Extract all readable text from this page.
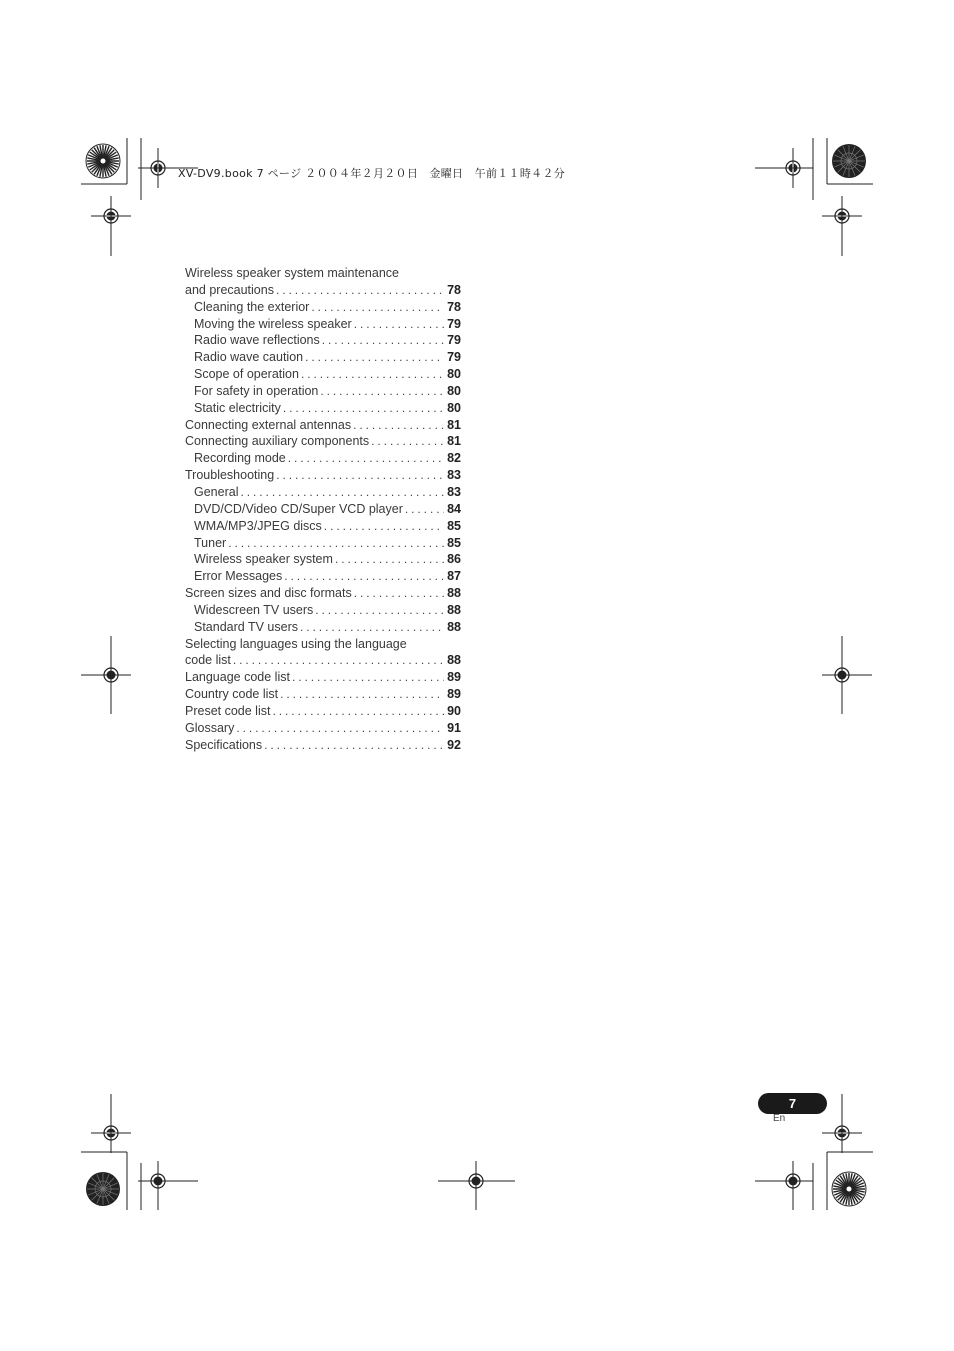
XV-DV9.book 7 ページ ２００４年２月２０日　金曜日　午前１１時４２分
Wireless speaker system maintenance
and precautions . . .	78
Cleaning the exterior . . .	78
Moving the wireless speaker . . .	79
Radio wave reflections . . .	79
Radio wave caution . . .	79
Scope of operation . . .	80
For safety in operation . . .	80
Static electricity . . .	80
Connecting external antennas . . .	81
Connecting auxiliary components . . .	81
Recording mode . . .	82
Troubleshooting . . .	83
General . . .	83
DVD/CD/Video CD/Super VCD player . . .	84
WMA/MP3/JPEG discs . . .	85
Tuner . . .	85
Wireless speaker system . . .	86
Error Messages . . .	87
Screen sizes and disc formats . . .	88
Widescreen TV users . . .	88
Standard TV users . . .	88
Selecting languages using the language
code list . . .	88
Language code list . . .	89
Country code list . . .	89
Preset code list . . .	90
Glossary . . .	91
Specifications . . .	92
7
En
